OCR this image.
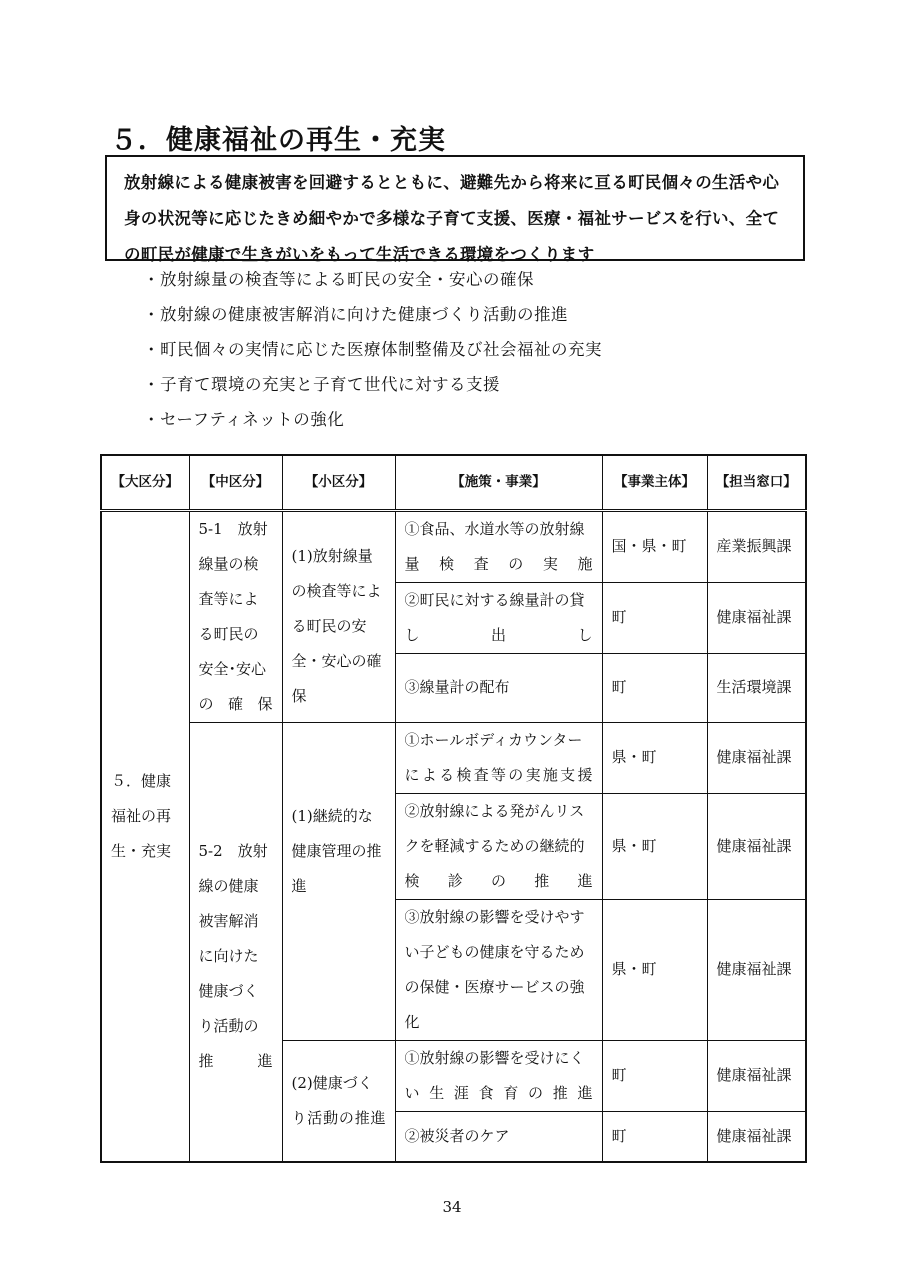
５．健康福祉の再生・充実
放射線による健康被害を回避するとともに、避難先から将来に亘る町民個々の生活や心身の状況等に応じたきめ細やかで多様な子育て支援、医療・福祉サービスを行い、全ての町民が健康で生きがいをもって生活できる環境をつくります
・放射線量の検査等による町民の安全・安心の確保
・放射線の健康被害解消に向けた健康づくり活動の推進
・町民個々の実情に応じた医療体制整備及び社会福祉の充実
・子育て環境の充実と子育て世代に対する支援
・セーフティネットの強化
【大区分】	【中区分】	【小区分】	【施策・事業】	【事業主体】	【担当窓口】
５．健康福祉の再生・充実	5-1　放射線量の検査等による町民の安全･安心の確保	(1)放射線量の検査等による町民の安全・安心の確保	①食品、水道水等の放射線量検査の実施	国・県・町	産業振興課
			②町民に対する線量計の貸し出し	町	健康福祉課
			③線量計の配布	町	生活環境課
	5-2　放射線の健康被害解消に向けた健康づくり活動の推進	(1)継続的な健康管理の推進	①ホールボディカウンターによる検査等の実施支援	県・町	健康福祉課
			②放射線による発がんリスクを軽減するための継続的検診の推進	県・町	健康福祉課
			③放射線の影響を受けやすい子どもの健康を守るための保健・医療サービスの強化	県・町	健康福祉課
		(2)健康づくり活動の推進	①放射線の影響を受けにくい生涯食育の推進	町	健康福祉課
			②被災者のケア	町	健康福祉課
34
